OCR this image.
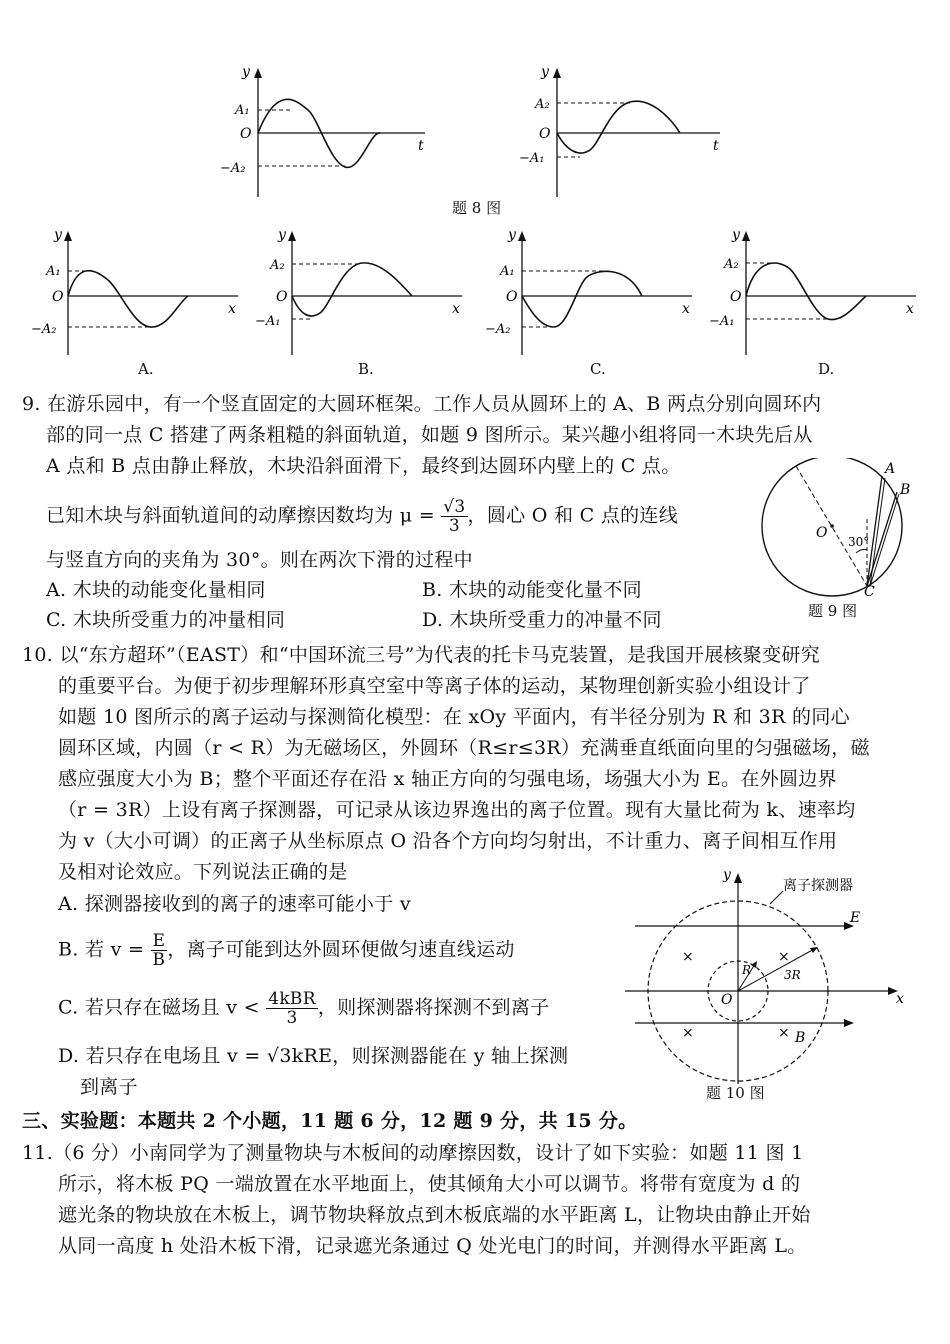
y
A₁
O
−A₂
t
y
A₂
O
−A₁
t
题 8 图
y
A₁
O
−A₂
x
A.
y
A₂
O
−A₁
x
B.
y
A₁
O
−A₂
x
C.
y
A₂
O
−A₁
x
D.
9. 在游乐园中，有一个竖直固定的大圆环框架。工作人员从圆环上的 A、B 两点分别向圆环内
部的同一点 C 搭建了两条粗糙的斜面轨道，如题 9 图所示。某兴趣小组将同一木块先后从
A 点和 B 点由静止释放，木块沿斜面滑下，最终到达圆环内壁上的 C 点。
已知木块与斜面轨道间的动摩擦因数均为 $\mu = \frac{√3}{3}$ ，圆心 O 和 C 点的连线
与竖直方向的夹角为 30°。则在两次下滑的过程中
A. 木块的动能变化量相同	B. 木块的动能变化量不同
C. 木块所受重力的冲量相同	D. 木块所受重力的冲量不同
O
30°
A
B
C
题 9 图
10. 以“东方超环”（EAST）和“中国环流三号”为代表的托卡马克装置，是我国开展核聚变研究
的重要平台。为便于初步理解环形真空室中等离子体的运动，某物理创新实验小组设计了
如题 10 图所示的离子运动与探测简化模型：在 xOy 平面内，有半径分别为 R 和 3R 的同心
圆环区域，内圆（r < R）为无磁场区，外圆环（R≤r≤3R）充满垂直纸面向里的匀强磁场，磁
感应强度大小为 B；整个平面还存在沿 x 轴正方向的匀强电场，场强大小为 E。在外圆边界
（r = 3R）上设有离子探测器，可记录从该边界逸出的离子位置。现有大量比荷为 k、速率均
为 v（大小可调）的正离子从坐标原点 O 沿各个方向均匀射出，不计重力、离子间相互作用
及相对论效应。下列说法正确的是
A. 探测器接收到的离子的速率可能小于 v
B. 若 $v = \frac{E}{B}$ ，离子可能到达外圆环便做匀速直线运动
C. 若只存在磁场且 $v < \frac{\text{4kBR}}{3}$ ，则探测器将探测不到离子
D. 若只存在电场且 v = √3kRE，则探测器能在 y 轴上探测
到离子
y
x
O
E
B
R	3R
离子探测器
×	×
×	×
题 10 图
三、实验题：本题共 2 个小题，11 题 6 分，12 题 9 分，共 15 分。
11.（6 分）小南同学为了测量物块与木板间的动摩擦因数，设计了如下实验：如题 11 图 1
所示，将木板 PQ 一端放置在水平地面上，使其倾角大小可以调节。将带有宽度为 d 的
遮光条的物块放在木板上，调节物块释放点到木板底端的水平距离 L，让物块由静止开始
从同一高度 h 处沿木板下滑，记录遮光条通过 Q 处光电门的时间，并测得水平距离 L。
